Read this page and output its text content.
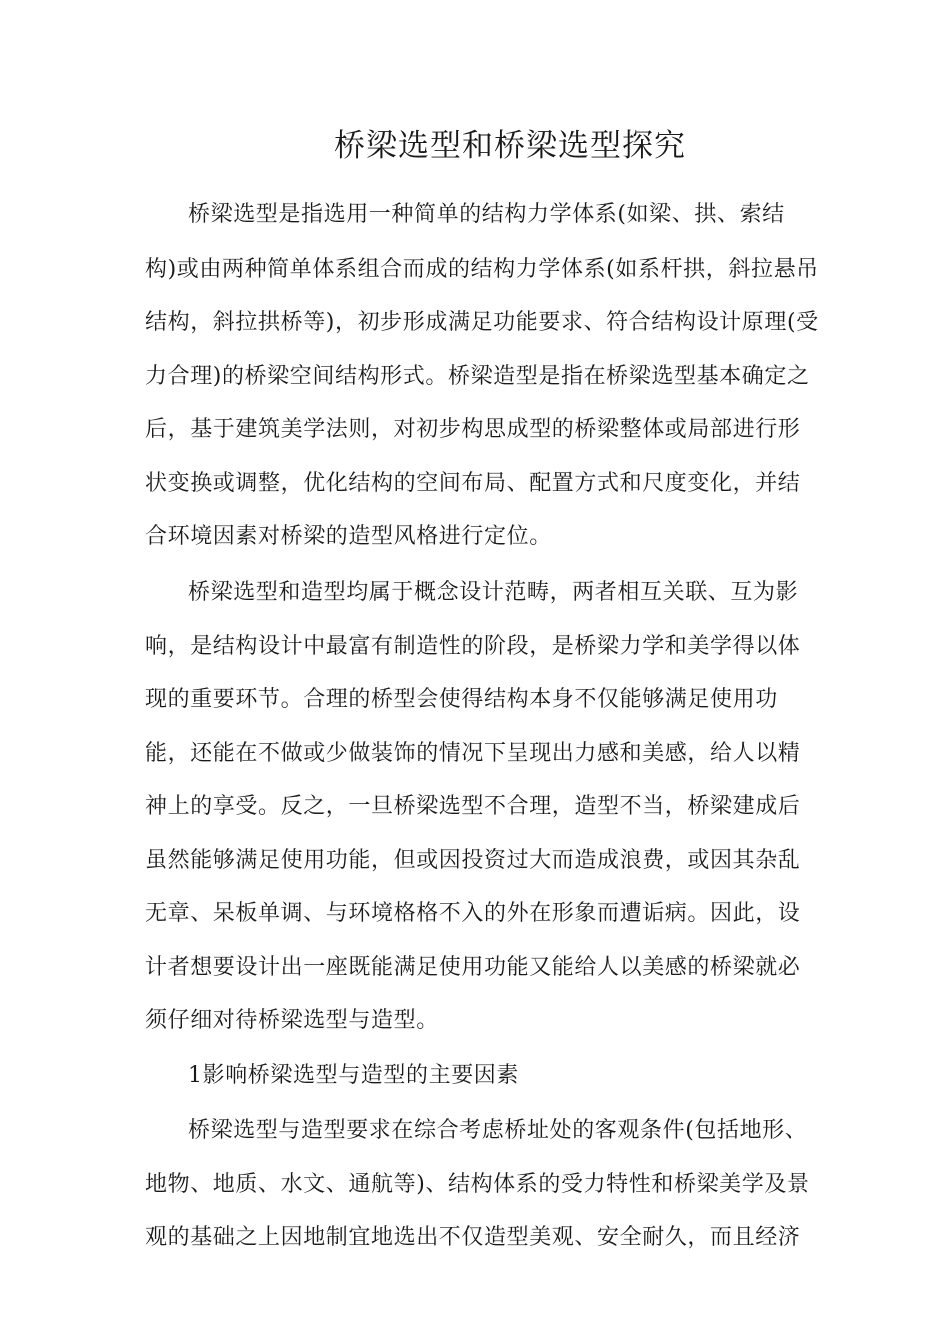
桥梁选型和桥梁选型探究
桥梁选型是指选用一种简单的结构力学体系(如梁、拱、索结
构)或由两种简单体系组合而成的结构力学体系(如系杆拱，斜拉悬吊
结构，斜拉拱桥等)，初步形成满足功能要求、符合结构设计原理(受
力合理)的桥梁空间结构形式。桥梁造型是指在桥梁选型基本确定之
后，基于建筑美学法则，对初步构思成型的桥梁整体或局部进行形
状变换或调整，优化结构的空间布局、配置方式和尺度变化，并结
合环境因素对桥梁的造型风格进行定位。
桥梁选型和造型均属于概念设计范畴，两者相互关联、互为影
响，是结构设计中最富有制造性的阶段，是桥梁力学和美学得以体
现的重要环节。合理的桥型会使得结构本身不仅能够满足使用功
能，还能在不做或少做装饰的情况下呈现出力感和美感，给人以精
神上的享受。反之，一旦桥梁选型不合理，造型不当，桥梁建成后
虽然能够满足使用功能，但或因投资过大而造成浪费，或因其杂乱
无章、呆板单调、与环境格格不入的外在形象而遭诟病。因此，设
计者想要设计出一座既能满足使用功能又能给人以美感的桥梁就必
须仔细对待桥梁选型与造型。
1影响桥梁选型与造型的主要因素
桥梁选型与造型要求在综合考虑桥址处的客观条件(包括地形、
地物、地质、水文、通航等)、结构体系的受力特性和桥梁美学及景
观的基础之上因地制宜地选出不仅造型美观、安全耐久，而且经济
